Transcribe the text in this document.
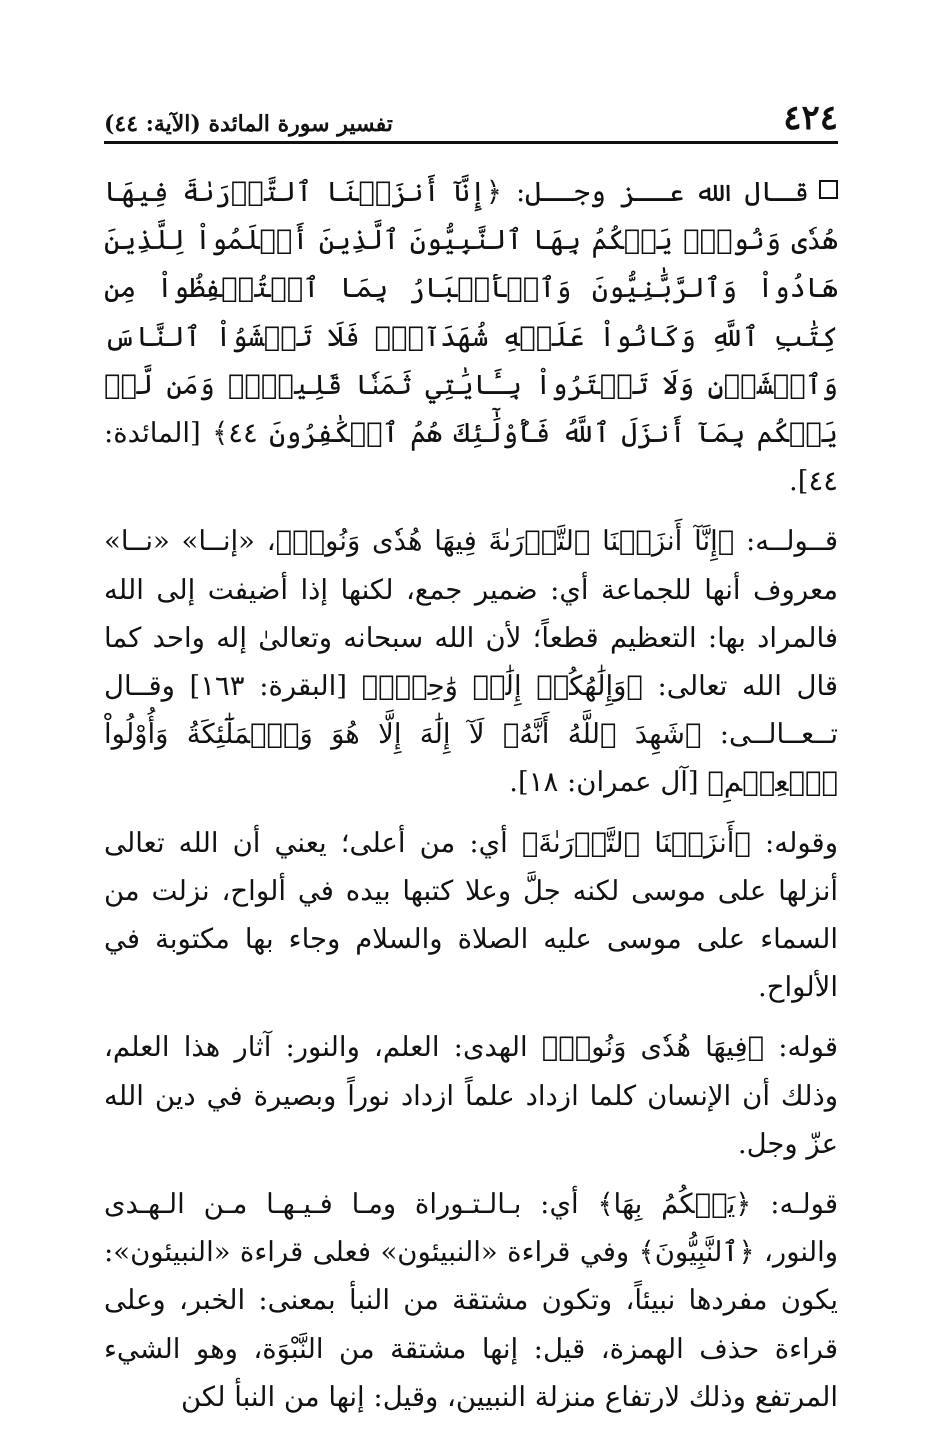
٤٢٤
تفسير سورة المائدة (الآية: ٤٤)

قـال الله عــز وجــل: ﴿إِنَّآ أَنزَلۡنَا ٱلتَّوۡرَىٰةَ فِيهَا هُدٗى وَنُورٞۚ يَحۡكُمُ بِهَا ٱلنَّبِيُّونَ ٱلَّذِينَ أَسۡلَمُواْ لِلَّذِينَ هَادُواْ وَٱلرَّبَّٰنِيُّونَ وَٱلۡأَحۡبَارُ بِمَا ٱسۡتُحۡفِظُواْ مِن كِتَٰبِ ٱللَّهِ وَكَانُواْ عَلَيۡهِ شُهَدَآءَۚ فَلَا تَخۡشَوُاْ ٱلنَّاسَ وَٱخۡشَوۡنِ وَلَا تَشۡتَرُواْ بِـَٔايَٰتِي ثَمَنٗا قَلِيلٗاۚ وَمَن لَّمۡ يَحۡكُم بِمَآ أَنزَلَ ٱللَّهُ فَأُوْلَٰٓئِكَ هُمُ ٱلۡكَٰفِرُونَ ٤٤﴾ [المائدة: ٤٤].

قــولــه: ﴿إِنَّآ أَنزَلۡنَا ٱلتَّوۡرَىٰةَ فِيهَا هُدٗى وَنُورٞ﴾، «إنــا» «نــا» معروف أنها للجماعة أي: ضمير جمع، لكنها إذا أضيفت إلى الله فالمراد بها: التعظيم قطعاً؛ لأن الله سبحانه وتعالىٰ إله واحد كما قال الله تعالى: ﴿وَإِلَٰهُكُمۡ إِلَٰهٞ وَٰحِدٞۖ﴾ [البقرة: ١٦٣] وقــال تــعــالــى: ﴿شَهِدَ ٱللَّهُ أَنَّهُۥ لَآ إِلَٰهَ إِلَّا هُوَ وَٱلۡمَلَٰٓئِكَةُ وَأُوْلُواْ ٱلۡعِلۡمِ﴾ [آل عمران: ١٨].

وقوله: ﴿أَنزَلۡنَا ٱلتَّوۡرَىٰةَ﴾ أي: من أعلى؛ يعني أن الله تعالى أنزلها على موسى لكنه جلَّ وعلا كتبها بيده في ألواح، نزلت من السماء على موسى عليه الصلاة والسلام وجاء بها مكتوبة في الألواح.

قوله: ﴿فِيهَا هُدٗى وَنُورٞ﴾ الهدى: العلم، والنور: آثار هذا العلم، وذلك أن الإنسان كلما ازداد علماً ازداد نوراً وبصيرة في دين الله عزّ وجل.

قولـه: ﴿يَحۡكُمُ بِهَا﴾ أي: بـالـتـوراة ومـا فـيـهـا مـن الـهـدى والنور، ﴿ٱلنَّبِيُّونَ﴾ وفي قراءة «النبيئون» فعلى قراءة «النبيئون»: يكون مفردها نبيئاً، وتكون مشتقة من النبأ بمعنى: الخبر، وعلى قراءة حذف الهمزة، قيل: إنها مشتقة من النَّبْوَة، وهو الشيء المرتفع وذلك لارتفاع منزلة النبيين، وقيل: إنها من النبأ لكن
